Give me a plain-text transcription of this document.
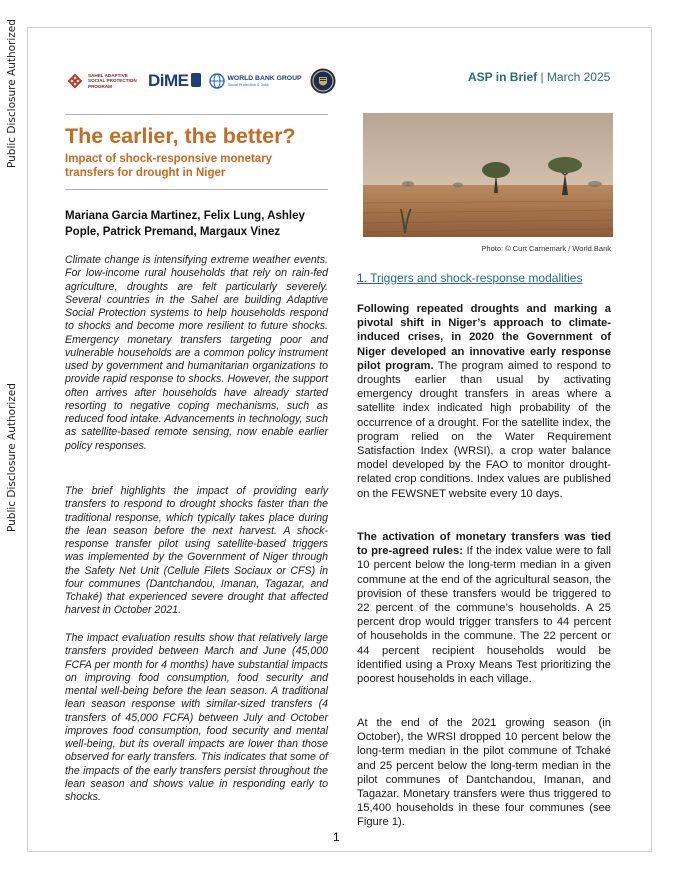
Public Disclosure Authorized
Public Disclosure Authorized
SAHEL ADAPTIVE
SOCIAL PROTECTION
PROGRAM	DiME	WORLD BANK GROUP
Social Protection & Jobs
ASP in Brief | March 2025
The earlier, the better?
Impact of shock-responsive monetary transfers for drought in Niger

Mariana Garcia Martinez, Felix Lung, Ashley Pople, Patrick Premand, Margaux Vinez

Climate change is intensifying extreme weather events. For low-income rural households that rely on rain-fed agriculture, droughts are felt particularly severely. Several countries in the Sahel are building Adaptive Social Protection systems to help households respond to shocks and become more resilient to future shocks. Emergency monetary transfers targeting poor and vulnerable households are a common policy instrument used by government and humanitarian organizations to provide rapid response to shocks. However, the support often arrives after households have already started resorting to negative coping mechanisms, such as reduced food intake. Advancements in technology, such as satellite-based remote sensing, now enable earlier policy responses.

The brief highlights the impact of providing early transfers to respond to drought shocks faster than the traditional response, which typically takes place during the lean season before the next harvest. A shock-response transfer pilot using satellite-based triggers was implemented by the Government of Niger through the Safety Net Unit (Cellule Filets Sociaux or CFS) in four communes (Dantchandou, Imanan, Tagazar, and Tchaké) that experienced severe drought that affected harvest in October 2021.

The impact evaluation results show that relatively large transfers provided between March and June (45,000 FCFA per month for 4 months) have substantial impacts on improving food consumption, food security and mental well-being before the lean season. A traditional lean season response with similar-sized transfers (4 transfers of 45,000 FCFA) between July and October improves food consumption, food security and mental well-being, but its overall impacts are lower than those observed for early transfers. This indicates that some of the impacts of the early transfers persist throughout the lean season and shows value in responding early to shocks.

Photo: © Curt Carnemark / World Bank

1. Triggers and shock-response modalities

Following repeated droughts and marking a pivotal shift in Niger’s approach to climate-induced crises, in 2020 the Government of Niger developed an innovative early response pilot program. The program aimed to respond to droughts earlier than usual by activating emergency drought transfers in areas where a satellite index indicated high probability of the occurrence of a drought. For the satellite index, the program relied on the Water Requirement Satisfaction Index (WRSI), a crop water balance model developed by the FAO to monitor drought-related crop conditions. Index values are published on the FEWSNET website every 10 days.

The activation of monetary transfers was tied to pre-agreed rules: If the index value were to fall 10 percent below the long-term median in a given commune at the end of the agricultural season, the provision of these transfers would be triggered to 22 percent of the commune’s households. A 25 percent drop would trigger transfers to 44 percent of households in the commune. The 22 percent or 44 percent recipient households would be identified using a Proxy Means Test prioritizing the poorest households in each village.

At the end of the 2021 growing season (in October), the WRSI dropped 10 percent below the long-term median in the pilot commune of Tchaké and 25 percent below the long-term median in the pilot communes of Dantchandou, Imanan, and Tagazar. Monetary transfers were thus triggered to 15,400 households in these four communes (see Figure 1).

1
